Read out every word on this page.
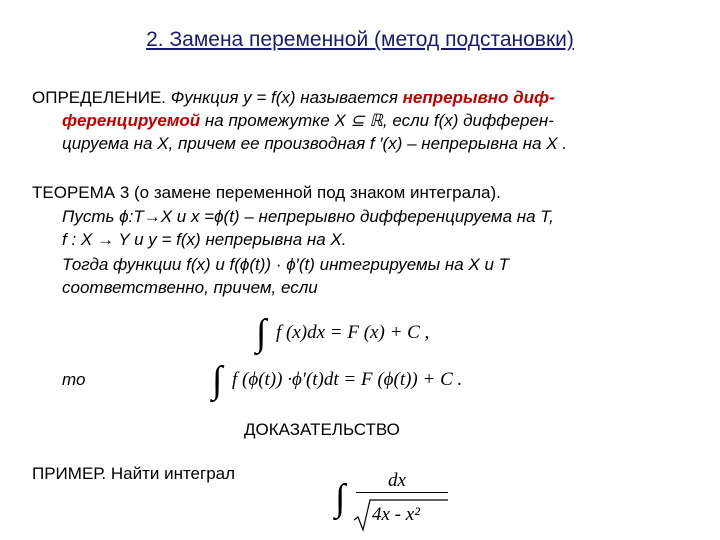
2. Замена переменной (метод подстановки)
ОПРЕДЕЛЕНИЕ. Функция y = f(x) называется непрерывно диф-
ференцируемой на промежутке X ⊆ ℝ, если f(x) дифферен-
цируема на X, причем ее производная f ′(x) – непрерывна на X .
ТЕОРЕМА 3 (о замене переменной под знаком интеграла).
Пусть ϕ:T→X и x =ϕ(t) – непрерывно дифференцируема на T,
f : X → Y и y = f(x) непрерывна на X.
Тогда функции f(x) и f(ϕ(t)) · ϕ′(t) интегрируемы на X и T
соответственно, причем, если
∫ f (x)dx = F (x) + C ,
то	∫ f (ϕ(t)) ·ϕ′(t)dt = F (ϕ(t)) + C .
ДОКАЗАТЕЛЬСТВО
ПРИМЕР. Найти интеграл
∫ dx
4x - x²
